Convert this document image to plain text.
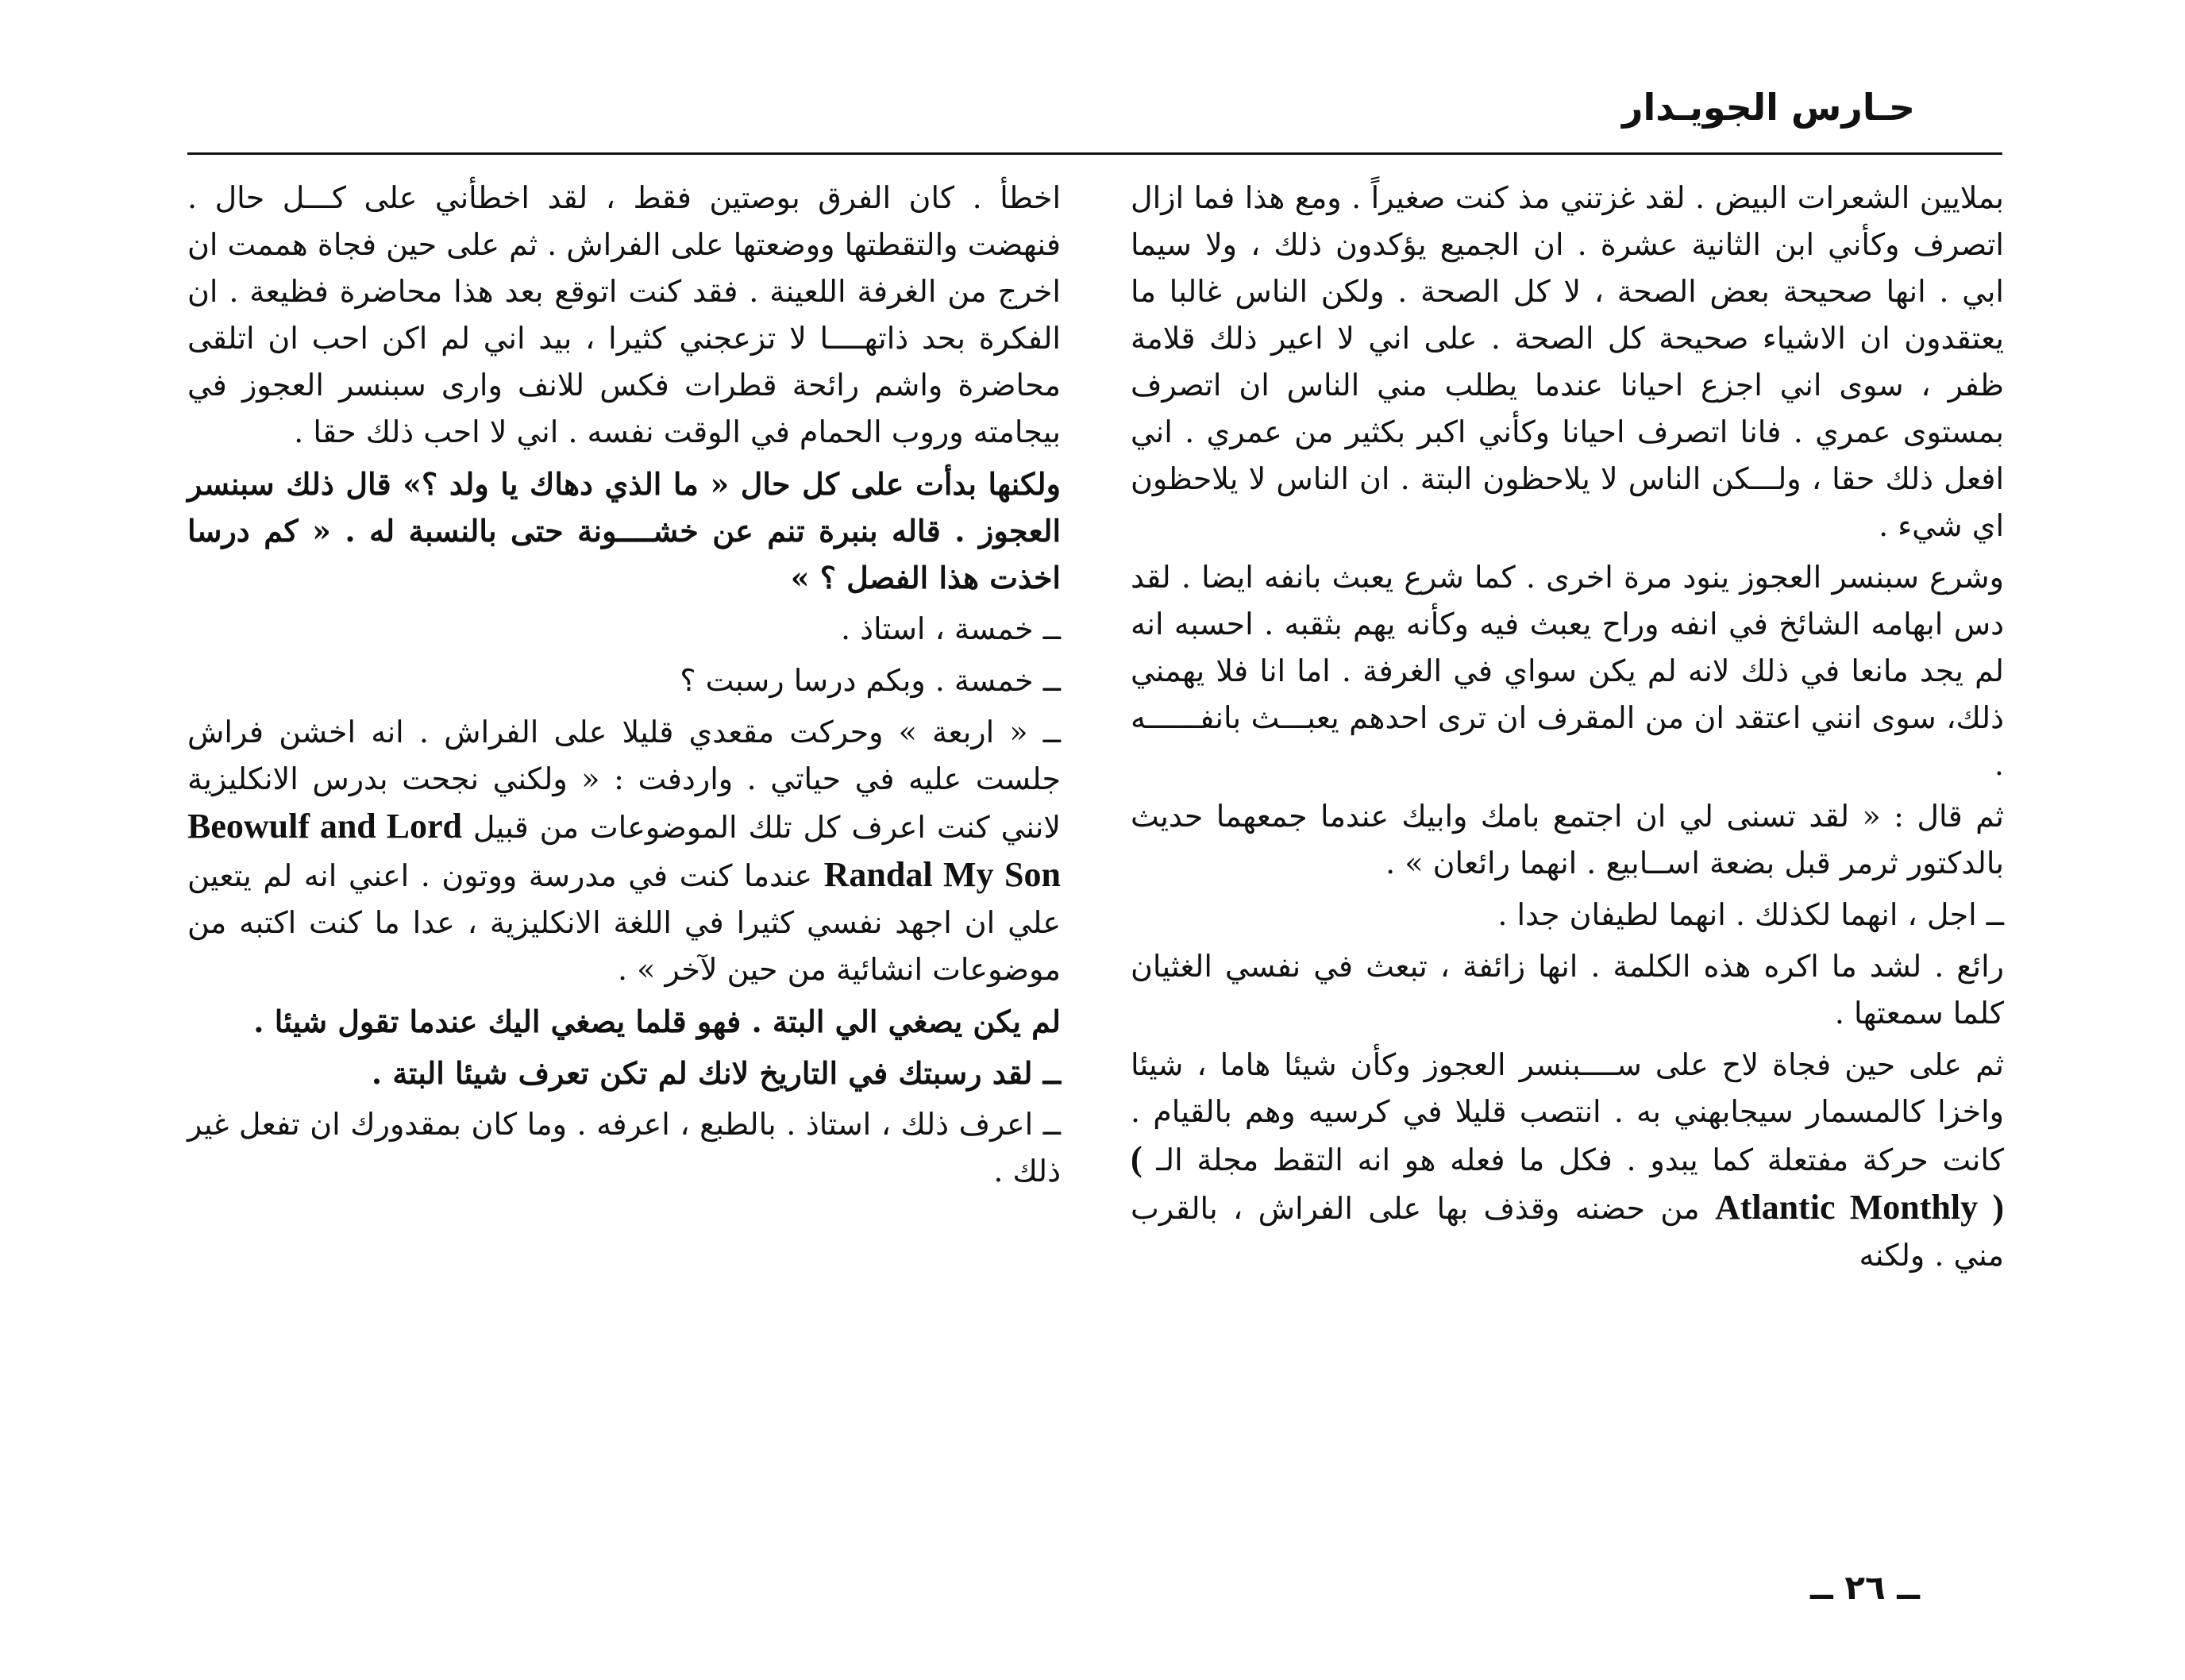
حـارس الجويـدار

بملايين الشعرات البيض . لقد غزتني مذ كنت صغيراً . ومع هذا فما ازال اتصرف وكأني ابن الثانية عشرة . ان الجميع يؤكدون ذلك ، ولا سيما ابي . انها صحيحة بعض الصحة ، لا كل الصحة . ولكن الناس غالبا ما يعتقدون ان الاشياء صحيحة كل الصحة . على اني لا اعير ذلك قلامة ظفر ، سوى اني اجزع احيانا عندما يطلب مني الناس ان اتصرف بمستوى عمري . فانا اتصرف احيانا وكأني اكبر بكثير من عمري . اني افعل ذلك حقا ، ولـــكن الناس لا يلاحظون البتة . ان الناس لا يلاحظون اي شيء .

وشرع سبنسر العجوز ينود مرة اخرى . كما شرع يعبث بانفه ايضا . لقد دس ابهامه الشائخ في انفه وراح يعبث فيه وكأنه يهم بثقبه . احسبه انه لم يجد مانعا في ذلك لانه لم يكن سواي في الغرفة . اما انا فلا يهمني ذلك، سوى انني اعتقد ان من المقرف ان ترى احدهم يعبـــث بانفــــــه .

ثم قال : « لقد تسنى لي ان اجتمع بامك وابيك عندما جمعهما حديث بالدكتور ثرمر قبل بضعة اســابيع . انهما رائعان » .

ــ اجل ، انهما لكذلك . انهما لطيفان جدا .

رائع . لشد ما اكره هذه الكلمة . انها زائفة ، تبعث في نفسي الغثيان كلما سمعتها .

ثم على حين فجاة لاح على ســــبنسر العجوز وكأن شيئا هاما ، شيئا واخزا كالمسمار سيجابهني به . انتصب قليلا في كرسيه وهم بالقيام . كانت حركة مفتعلة كما يبدو . فكل ما فعله هو انه التقط مجلة الـ ( Atlantic Monthly ) من حضنه وقذف بها على الفراش ، بالقرب مني . ولكنه

اخطأ . كان الفرق بوصتين فقط ، لقد اخطأني على كـــل حال . فنهضت والتقطتها ووضعتها على الفراش . ثم على حين فجاة هممت ان اخرج من الغرفة اللعينة . فقد كنت اتوقع بعد هذا محاضرة فظيعة . ان الفكرة بحد ذاتهــــا لا تزعجني كثيرا ، بيد اني لم اكن احب ان اتلقى محاضرة واشم رائحة قطرات فكس للانف وارى سبنسر العجوز في بيجامته وروب الحمام في الوقت نفسه . اني لا احب ذلك حقا .

ولكنها بدأت على كل حال « ما الذي دهاك يا ولد ؟» قال ذلك سبنسر العجوز . قاله بنبرة تنم عن خشــــونة حتى بالنسبة له . « كم درسا اخذت هذا الفصل ؟ »

ــ خمسة ، استاذ .

ــ خمسة . وبكم درسا رسبت ؟

ــ « اربعة » وحركت مقعدي قليلا على الفراش . انه اخشن فراش جلست عليه في حياتي . واردفت : « ولكني نجحت بدرس الانكليزية لانني كنت اعرف كل تلك الموضوعات من قبيل Beowulf and Lord Randal My Son عندما كنت في مدرسة ووتون . اعني انه لم يتعين علي ان اجهد نفسي كثيرا في اللغة الانكليزية ، عدا ما كنت اكتبه من موضوعات انشائية من حين لآخر » .

لم يكن يصغي الي البتة . فهو قلما يصغي اليك عندما تقول شيئا .

ــ لقد رسبتك في التاريخ لانك لم تكن تعرف شيئا البتة .

ــ اعرف ذلك ، استاذ . بالطبع ، اعرفه . وما كان بمقدورك ان تفعل غير ذلك .

ــ ٢٦ ــ
